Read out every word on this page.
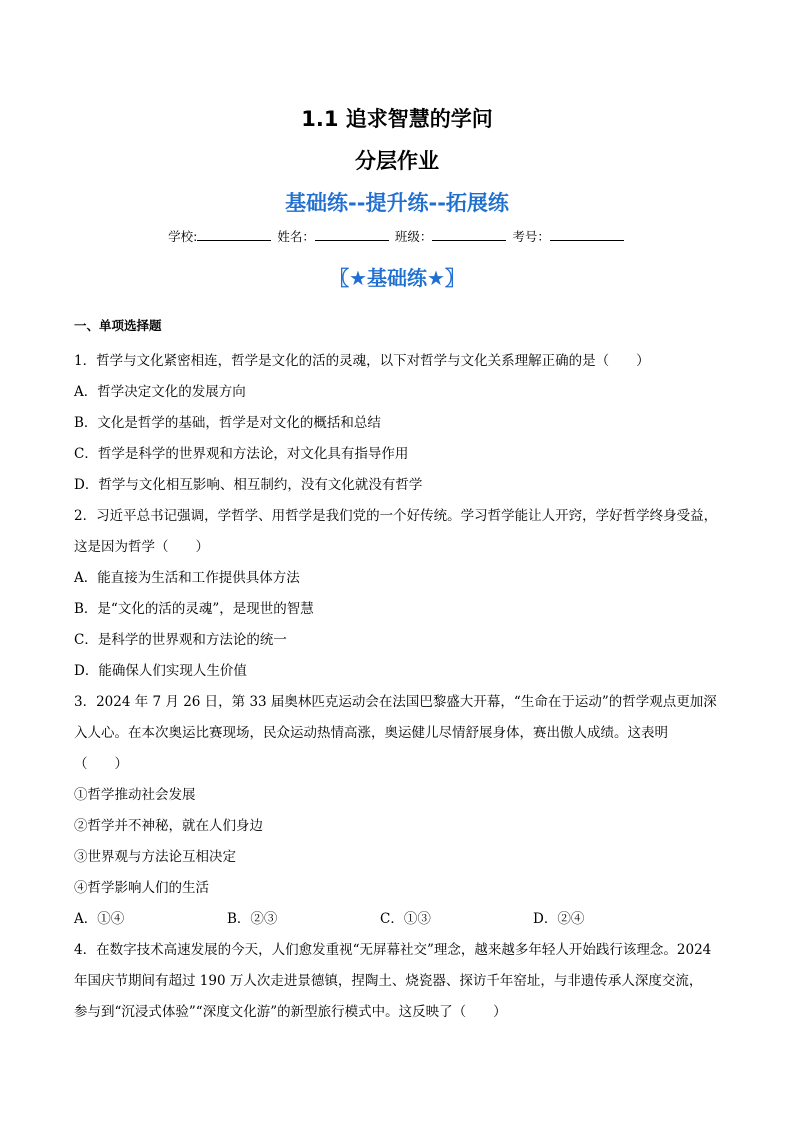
1.1 追求智慧的学问
分层作业
基础练--提升练--拓展练
学校:	姓名：	班级：	考号：
〖★基础练★〗
一、单项选择题
1．哲学与文化紧密相连，哲学是文化的活的灵魂，以下对哲学与文化关系理解正确的是（　　）
A．哲学决定文化的发展方向
B．文化是哲学的基础，哲学是对文化的概括和总结
C．哲学是科学的世界观和方法论，对文化具有指导作用
D．哲学与文化相互影响、相互制约，没有文化就没有哲学
2．习近平总书记强调，学哲学、用哲学是我们党的一个好传统。学习哲学能让人开窍，学好哲学终身受益，
这是因为哲学（　　）
A．能直接为生活和工作提供具体方法
B．是“文化的活的灵魂”，是现世的智慧
C．是科学的世界观和方法论的统一
D．能确保人们实现人生价值
3．2024 年 7 月 26 日，第 33 届奥林匹克运动会在法国巴黎盛大开幕，“生命在于运动”的哲学观点更加深
入人心。在本次奥运比赛现场，民众运动热情高涨，奥运健儿尽情舒展身体，赛出傲人成绩。这表明
（　　）
①哲学推动社会发展
②哲学并不神秘，就在人们身边
③世界观与方法论互相决定
④哲学影响人们的生活
A．①④	B．②③	C．①③	D．②④
4．在数字技术高速发展的今天，人们愈发重视“无屏幕社交”理念，越来越多年轻人开始践行该理念。2024
年国庆节期间有超过 190 万人次走进景德镇，捏陶土、烧瓷器、探访千年窑址，与非遗传承人深度交流，
参与到“沉浸式体验”“深度文化游”的新型旅行模式中。这反映了（　　）
